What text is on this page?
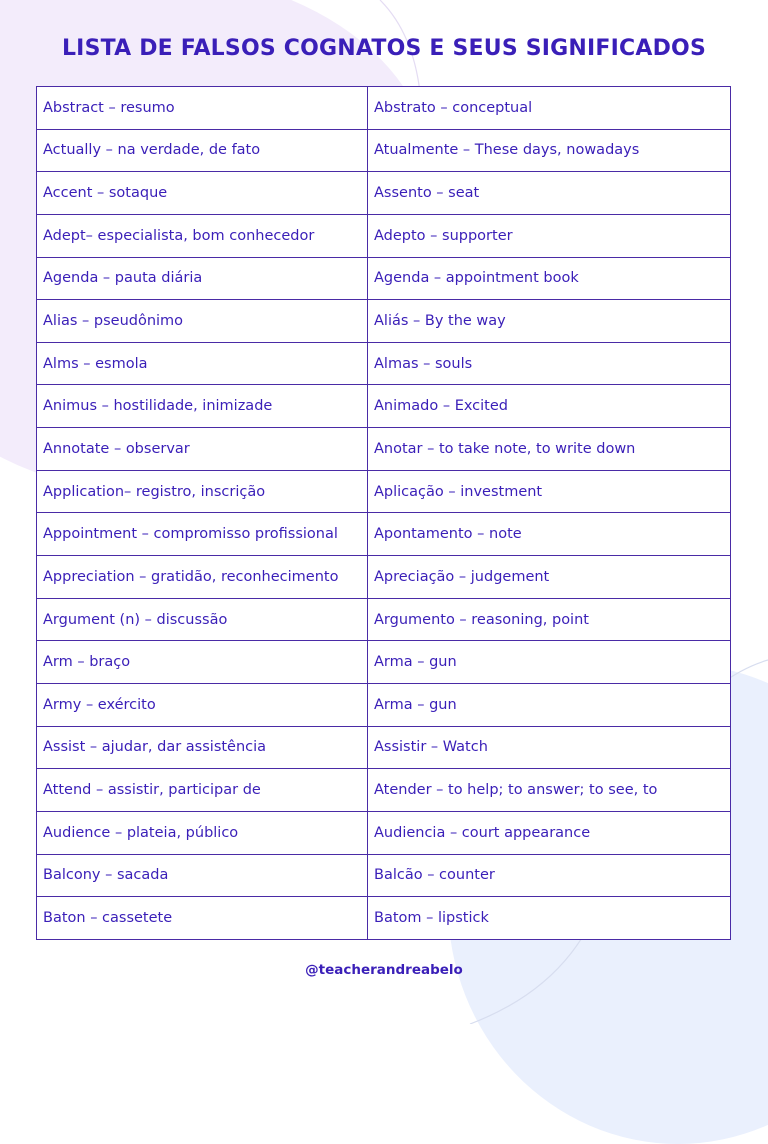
LISTA DE FALSOS COGNATOS E SEUS SIGNIFICADOS
Abstract – resumo	Abstrato – conceptual
Actually – na verdade, de fato	Atualmente – These days, nowadays
Accent – sotaque	Assento – seat
Adept– especialista, bom conhecedor	Adepto – supporter
Agenda – pauta diária	Agenda – appointment book
Alias – pseudônimo	Aliás – By the way
Alms – esmola	Almas – souls
Animus – hostilidade, inimizade	Animado – Excited
Annotate – observar	Anotar – to take note, to write down
Application– registro, inscrição	Aplicação – investment
Appointment – compromisso profissional	Apontamento – note
Appreciation – gratidão, reconhecimento	Apreciação – judgement
Argument (n) – discussão	Argumento – reasoning, point
Arm – braço	Arma – gun
Army – exército	Arma – gun
Assist – ajudar, dar assistência	Assistir – Watch
Attend – assistir, participar de	Atender – to help; to answer; to see, to
Audience – plateia, público	Audiencia – court appearance
Balcony – sacada	Balcão – counter
Baton – cassetete	Batom – lipstick
@teacherandreabelo
